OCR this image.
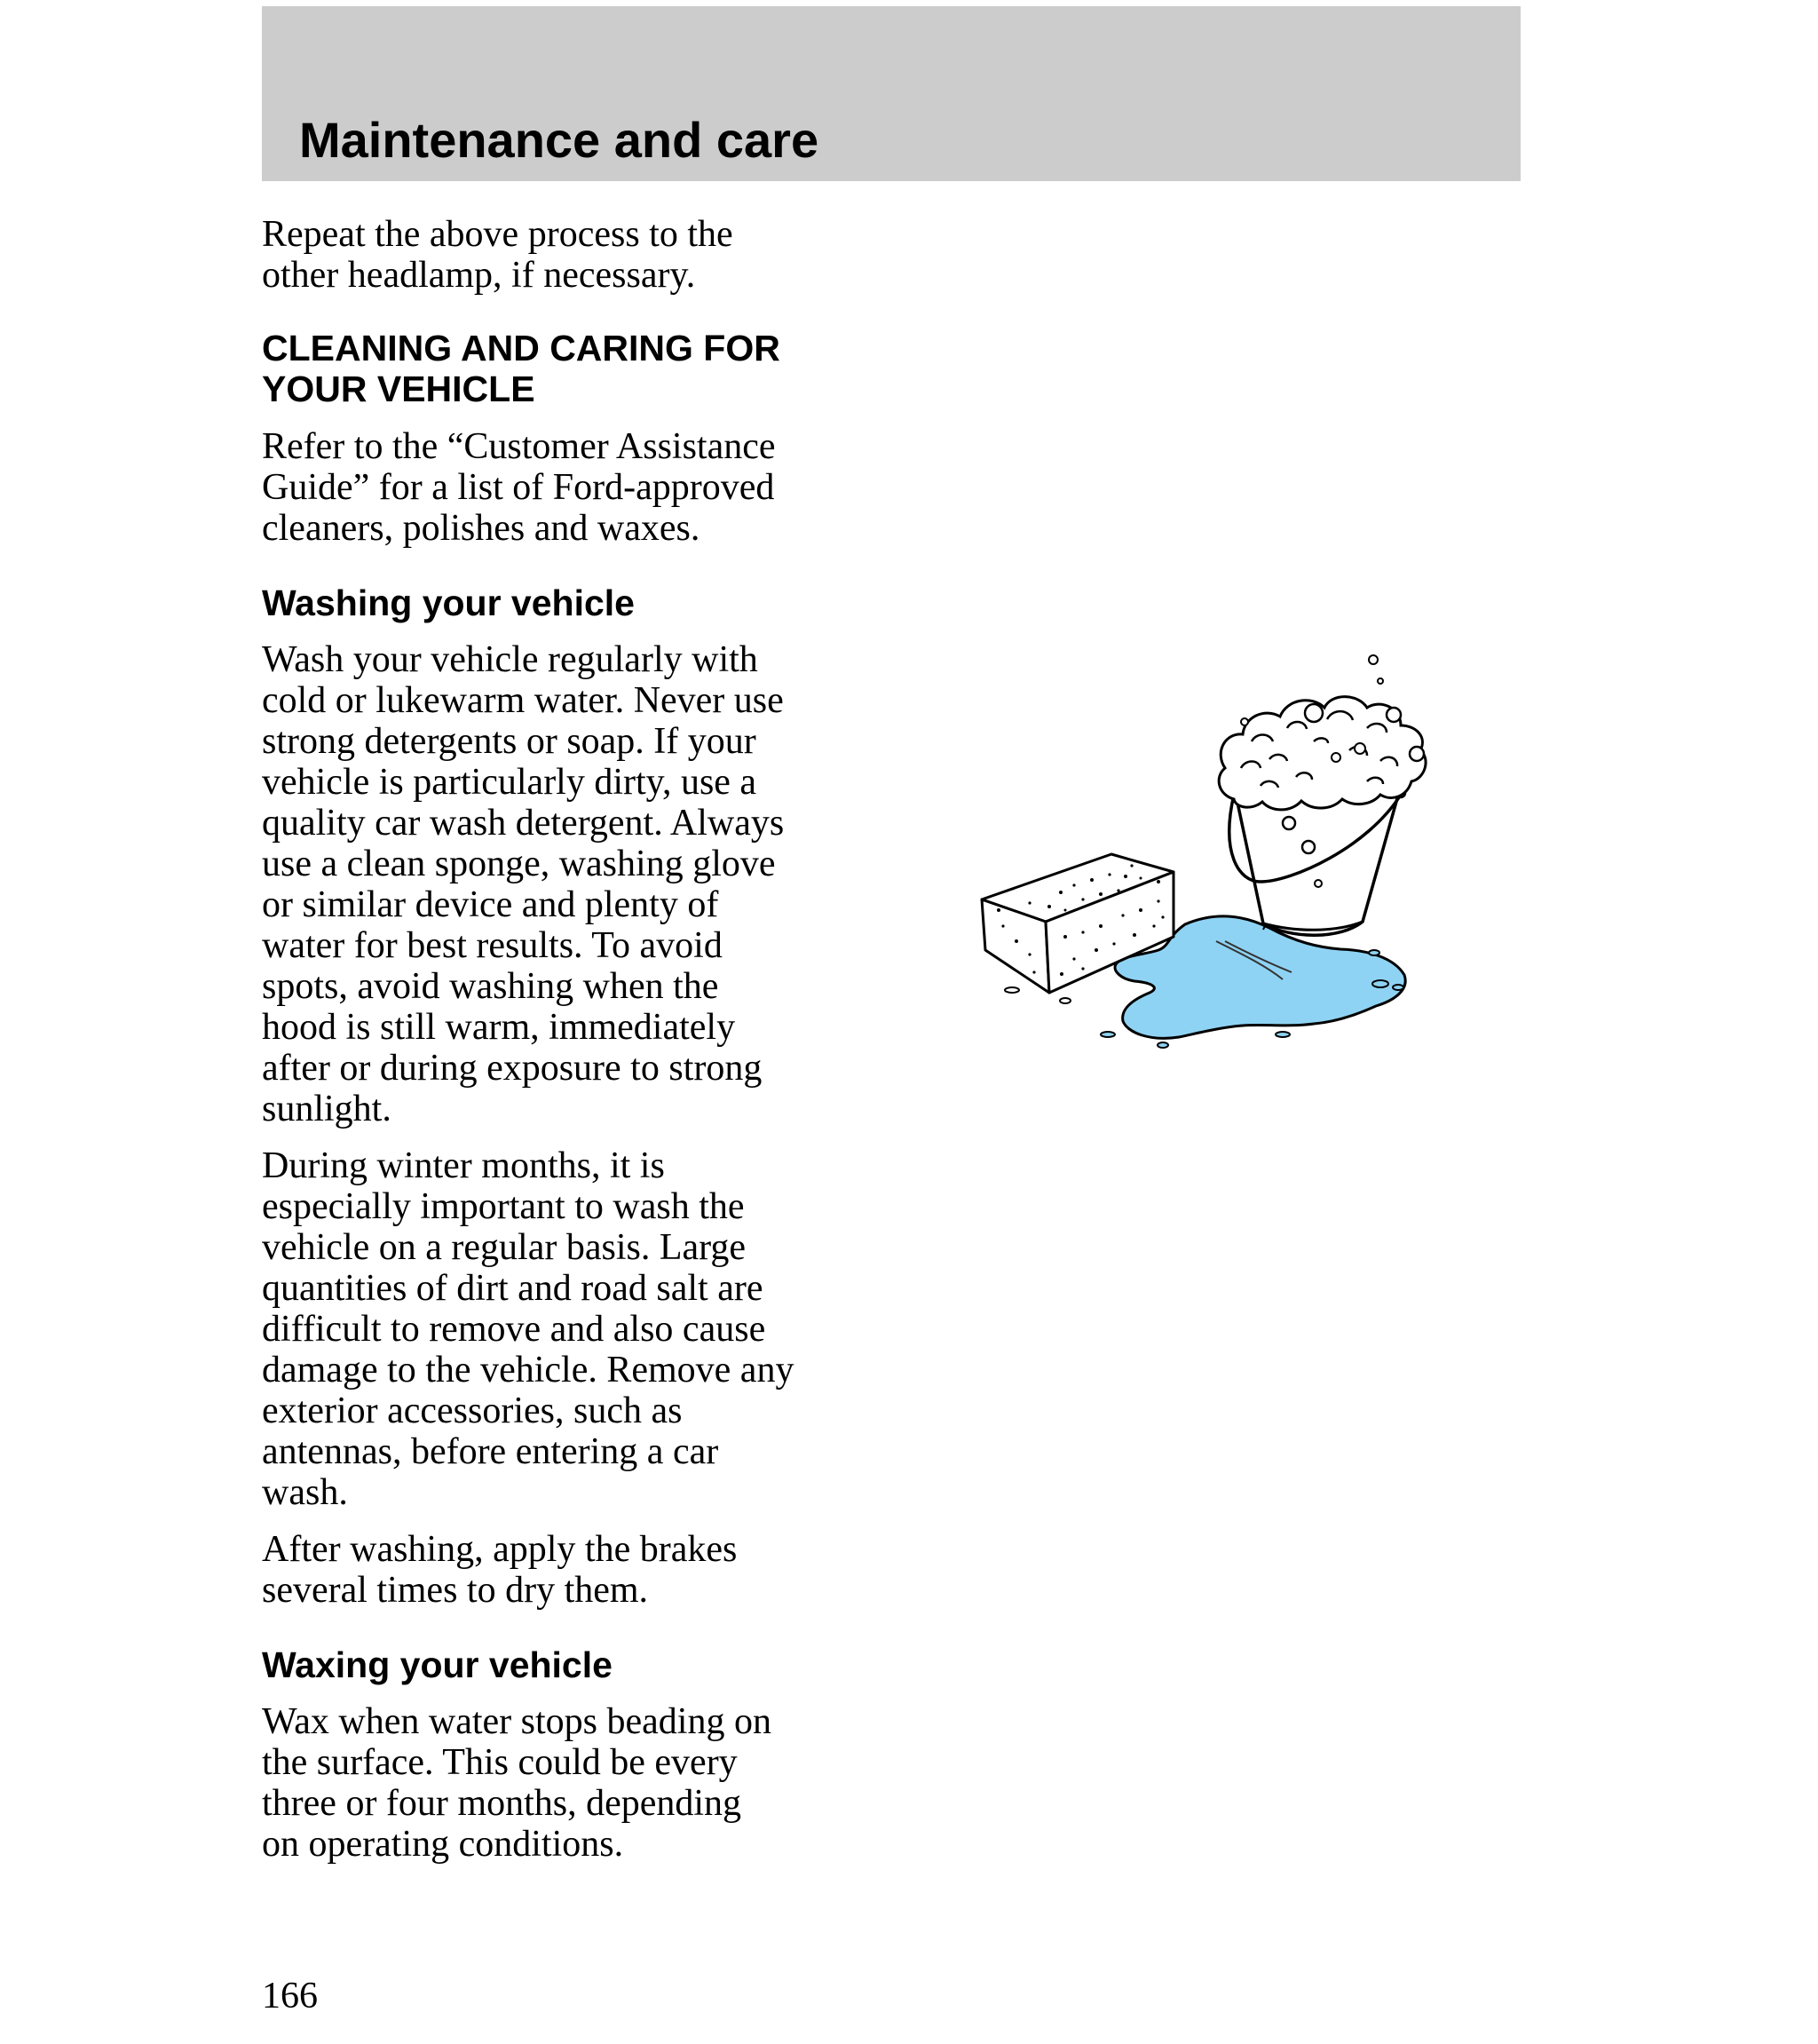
Maintenance and care

Repeat the above process to the
other headlamp, if necessary.

CLEANING AND CARING FOR
YOUR VEHICLE

Refer to the “Customer Assistance
Guide” for a list of Ford-approved
cleaners, polishes and waxes.

Washing your vehicle

Wash your vehicle regularly with
cold or lukewarm water. Never use
strong detergents or soap. If your
vehicle is particularly dirty, use a
quality car wash detergent. Always
use a clean sponge, washing glove
or similar device and plenty of
water for best results. To avoid
spots, avoid washing when the
hood is still warm, immediately
after or during exposure to strong
sunlight.

During winter months, it is
especially important to wash the
vehicle on a regular basis. Large
quantities of dirt and road salt are
difficult to remove and also cause
damage to the vehicle. Remove any
exterior accessories, such as
antennas, before entering a car
wash.

After washing, apply the brakes
several times to dry them.

Waxing your vehicle

Wax when water stops beading on
the surface. This could be every
three or four months, depending
on operating conditions.

166
